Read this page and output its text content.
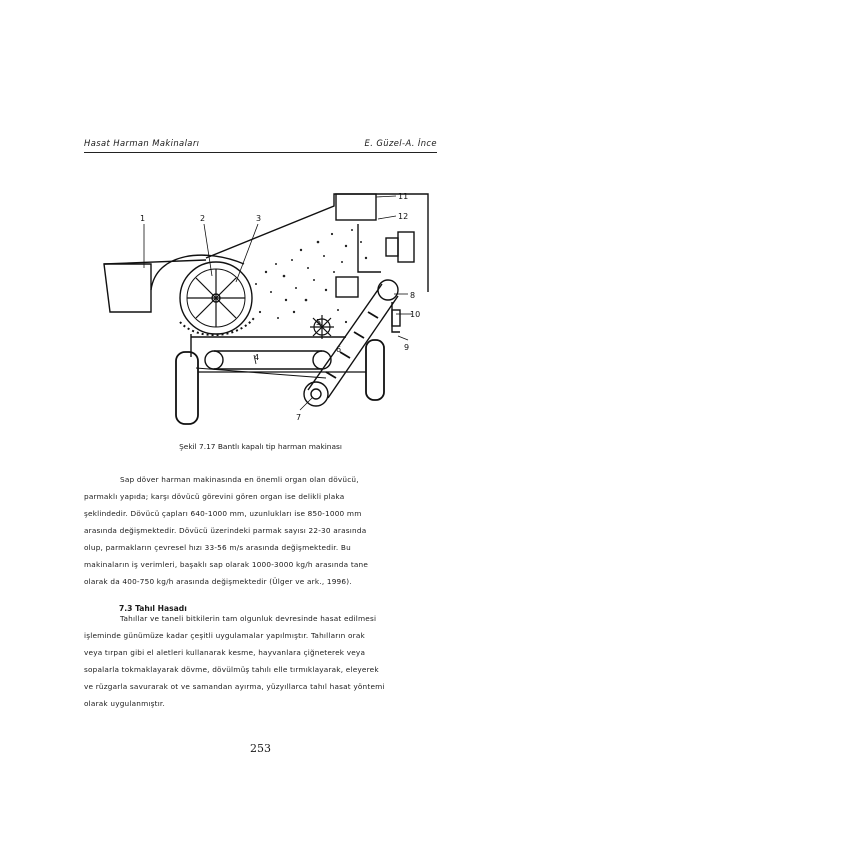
Hasat Harman Makinaları	E. Güzel-A. İnce
1	2	3
4
5
6
7
8
9
10
11
12
Şekil 7.17 Bantlı kapalı tip harman makinası
Sap döver harman makinasında en önemli organ olan dövücü,
parmaklı yapıda; karşı dövücü görevini gören organ ise delikli plaka
şeklindedir. Dövücü çapları 640-1000 mm, uzunlukları ise 850-1000 mm
arasında değişmektedir. Dövücü üzerindeki parmak sayısı 22-30 arasında
olup, parmakların çevresel hızı 33-56 m/s arasında değişmektedir. Bu
makinaların iş verimleri, başaklı sap olarak 1000-3000 kg/h arasında tane
olarak da 400-750 kg/h arasında değişmektedir (Ülger ve ark., 1996).
7.3 Tahıl Hasadı
Tahıllar ve taneli bitkilerin tam olgunluk devresinde hasat edilmesi
işleminde günümüze kadar çeşitli uygulamalar yapılmıştır. Tahılların orak
veya tırpan gibi el aletleri kullanarak kesme, hayvanlara çiğneterek veya
sopalarla tokmaklayarak dövme, dövülmüş tahılı elle tırmıklayarak, eleyerek
ve rüzgarla savurarak ot ve samandan ayırma, yüzyıllarca tahıl hasat yöntemi
olarak uygulanmıştır.
253
